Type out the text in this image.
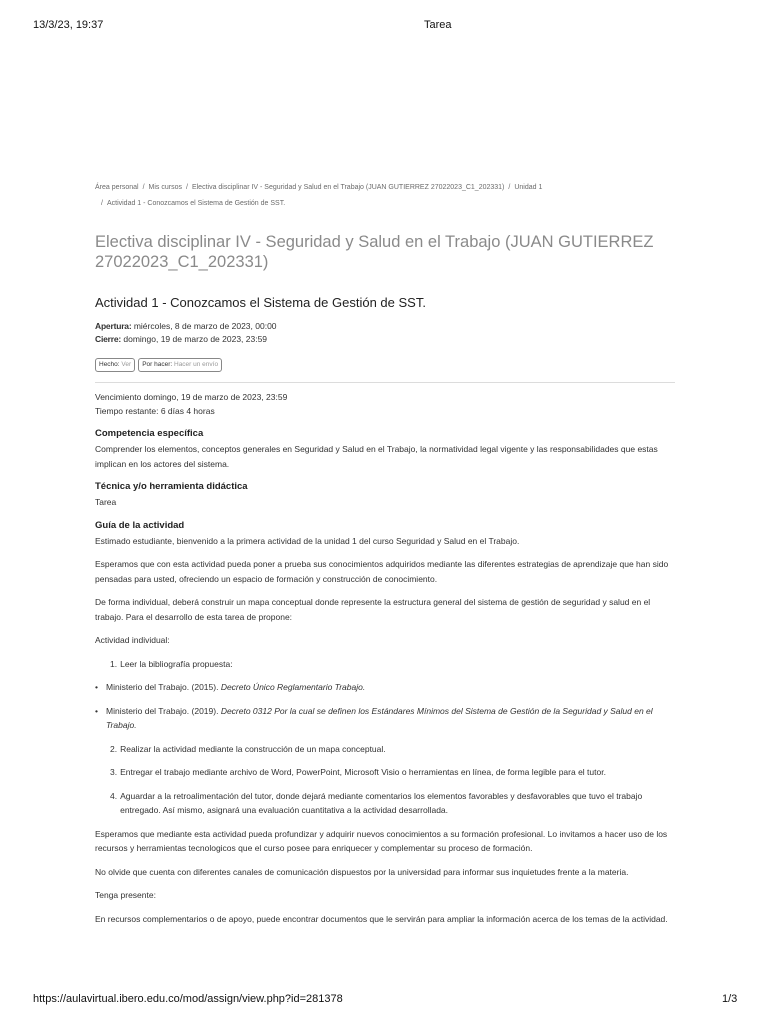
13/3/23, 19:37	Tarea
Área personal / Mis cursos / Electiva disciplinar IV - Seguridad y Salud en el Trabajo (JUAN GUTIERREZ 27022023_C1_202331) / Unidad 1
/ Actividad 1 - Conozcamos el Sistema de Gestión de SST.
Electiva disciplinar IV - Seguridad y Salud en el Trabajo (JUAN GUTIERREZ 27022023_C1_202331)
Actividad 1 - Conozcamos el Sistema de Gestión de SST.
Apertura: miércoles, 8 de marzo de 2023, 00:00
Cierre: domingo, 19 de marzo de 2023, 23:59
Hecho: Ver	Por hacer: Hacer un envío
Vencimiento domingo, 19 de marzo de 2023, 23:59
Tiempo restante: 6 días 4 horas
Competencia específica

Comprender los elementos, conceptos generales en Seguridad y Salud en el Trabajo, la normatividad legal vigente y las responsabilidades que estas implican en los actores del sistema.

Técnica y/o herramienta didáctica

Tarea

Guía de la actividad

Estimado estudiante, bienvenido a la primera actividad de la unidad 1 del curso Seguridad y Salud en el Trabajo.

Esperamos que con esta actividad pueda poner a prueba sus conocimientos adquiridos mediante las diferentes estrategias de aprendizaje que han sido pensadas para usted, ofreciendo un espacio de formación y construcción de conocimiento.

De forma individual, deberá construir un mapa conceptual donde represente la estructura general del sistema de gestión de seguridad y salud en el trabajo. Para el desarrollo de esta tarea de propone:

Actividad individual:

1. Leer la bibliografía propuesta:
• Ministerio del Trabajo. (2015). Decreto Único Reglamentario Trabajo.
• Ministerio del Trabajo. (2019). Decreto 0312 Por la cual se definen los Estándares Mínimos del Sistema de Gestión de la Seguridad y Salud en el Trabajo.
2. Realizar la actividad mediante la construcción de un mapa conceptual.
3. Entregar el trabajo mediante archivo de Word, PowerPoint, Microsoft Visio o herramientas en línea, de forma legible para el tutor.
4. Aguardar a la retroalimentación del tutor, donde dejará mediante comentarios los elementos favorables y desfavorables que tuvo el trabajo entregado. Así mismo, asignará una evaluación cuantitativa a la actividad desarrollada.

Esperamos que mediante esta actividad pueda profundizar y adquirir nuevos conocimientos a su formación profesional. Lo invitamos a hacer uso de los recursos y herramientas tecnologicos que el curso posee para enriquecer y complementar su proceso de formación.

No olvide que cuenta con diferentes canales de comunicación dispuestos por la universidad para informar sus inquietudes frente a la materia.

Tenga presente:

En recursos complementarios o de apoyo, puede encontrar documentos que le servirán para ampliar la información acerca de los temas de la actividad.

https://aulavirtual.ibero.edu.co/mod/assign/view.php?id=281378	1/3
